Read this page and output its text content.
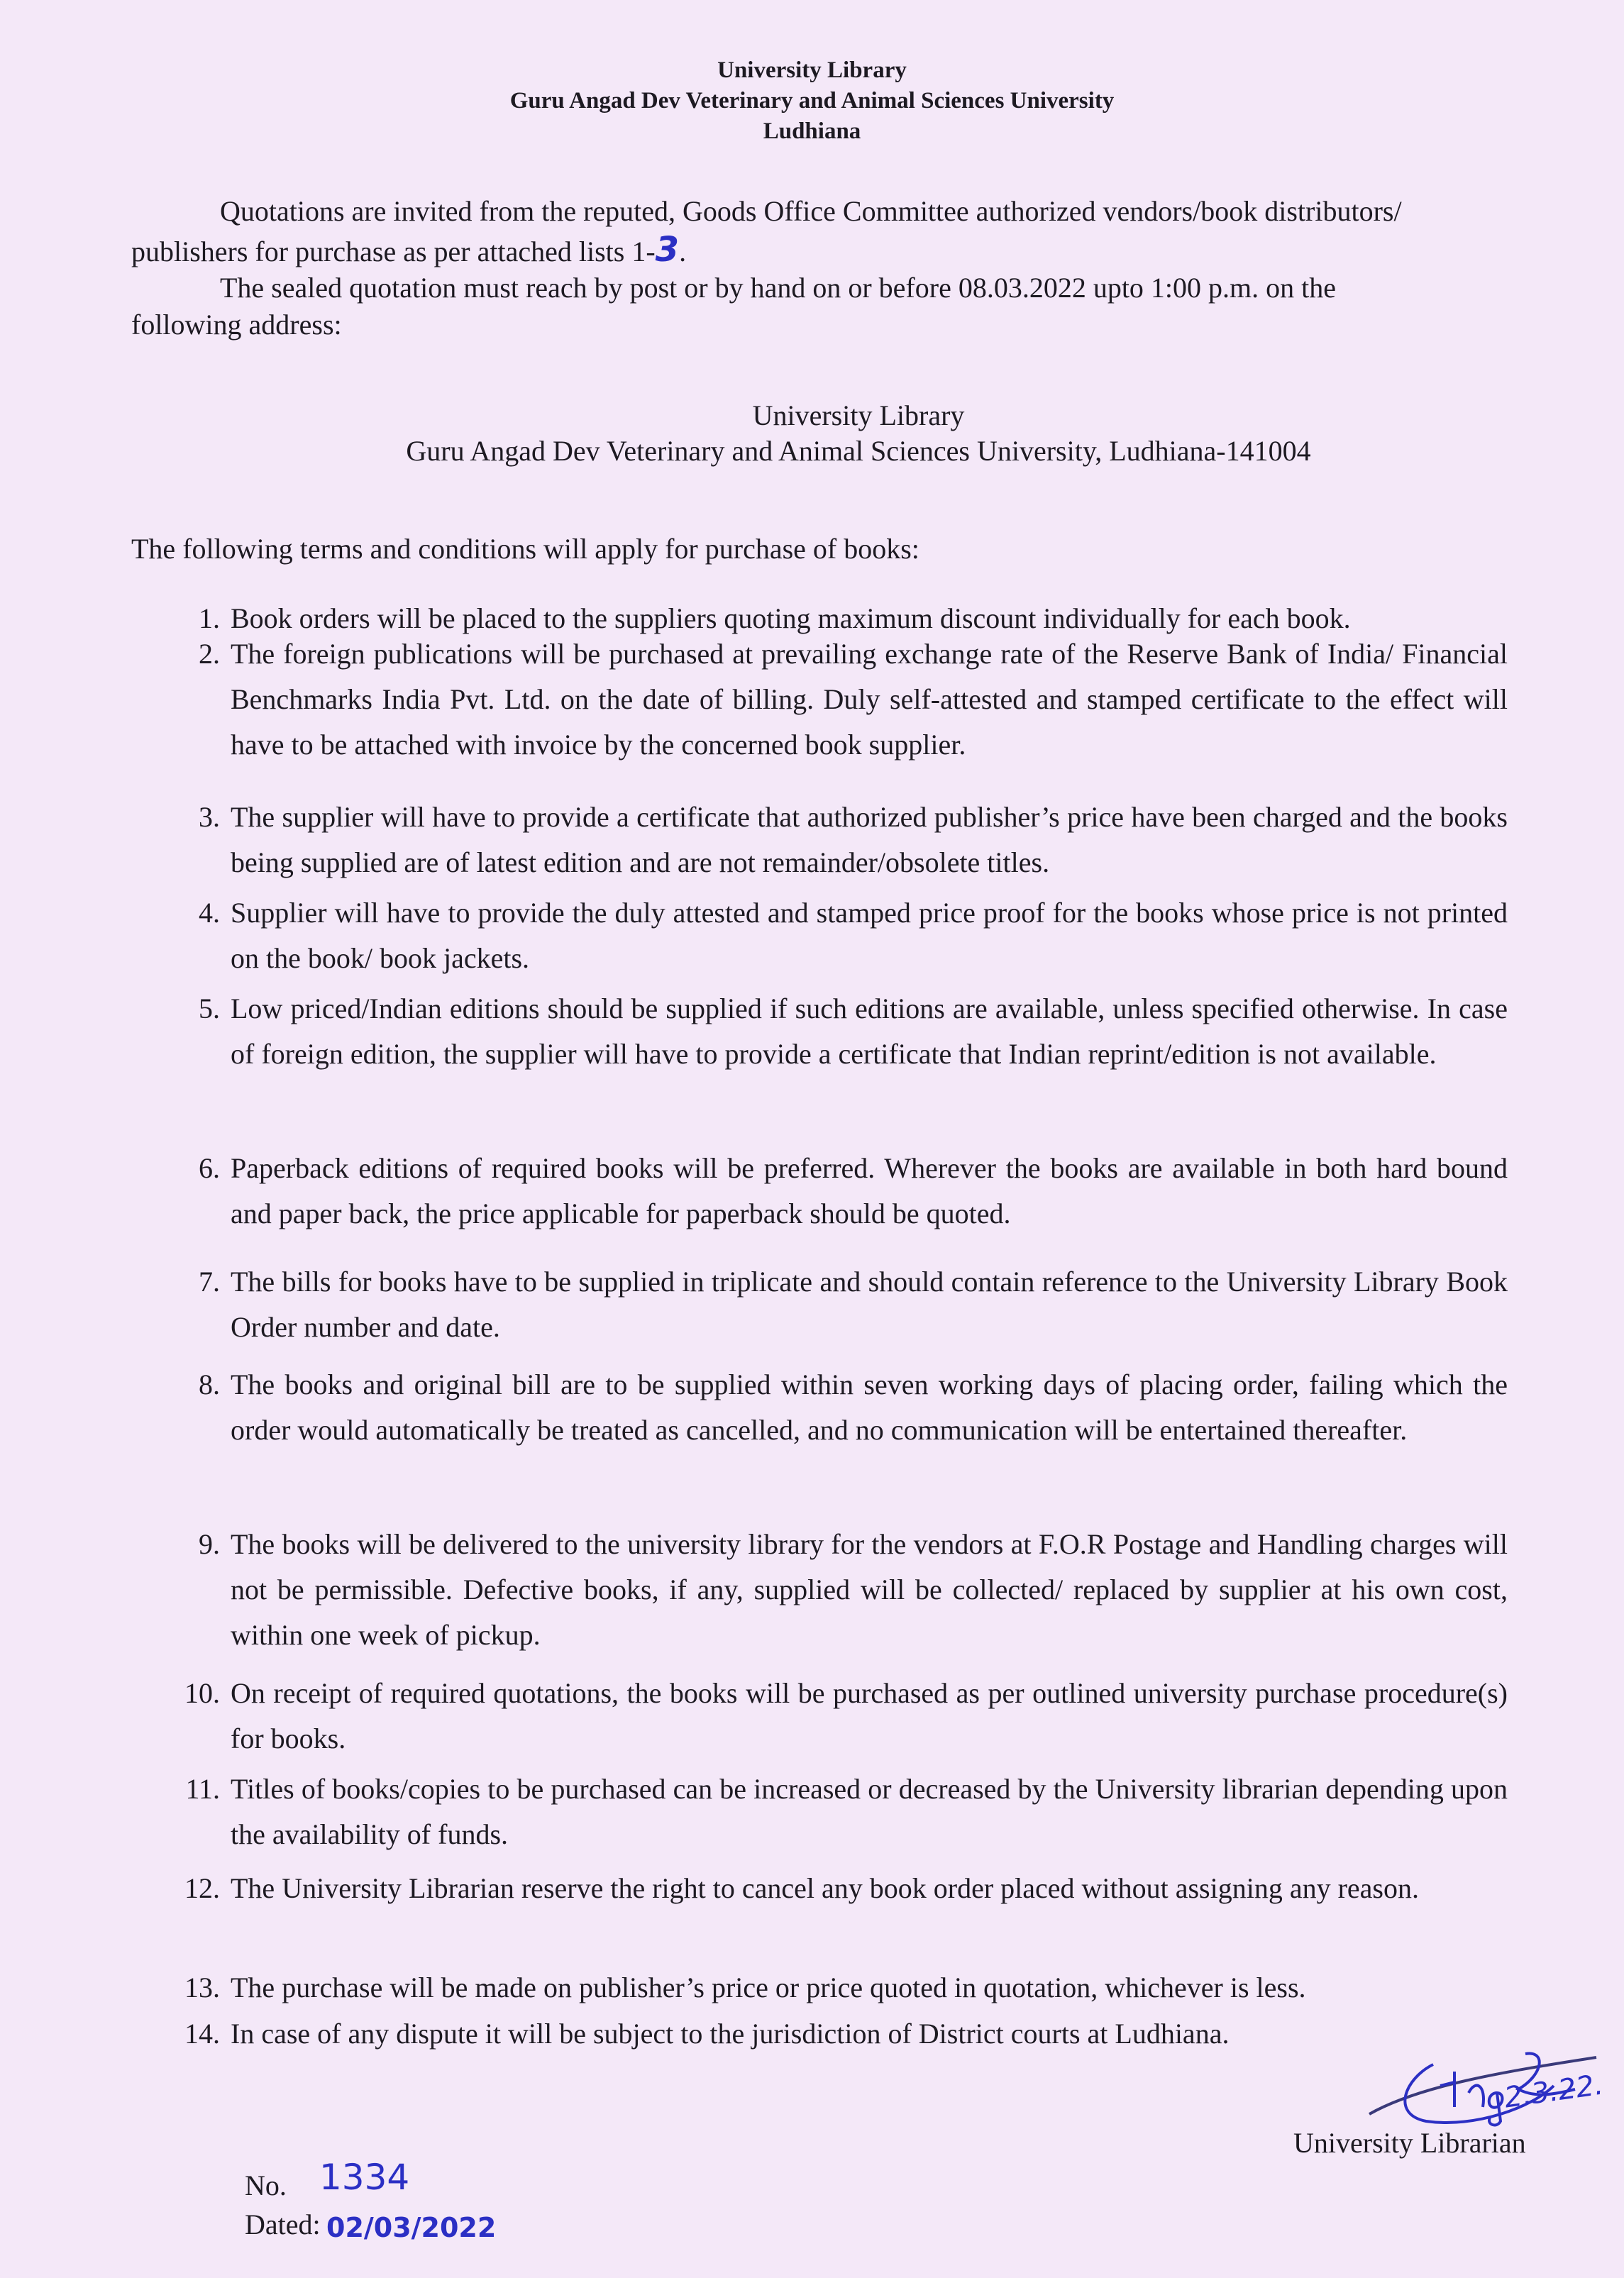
University Library
Guru Angad Dev Veterinary and Animal Sciences University
Ludhiana
Quotations are invited from the reputed, Goods Office Committee authorized vendors/book distributors/
publishers for purchase as per attached lists 1-3.
The sealed quotation must reach by post or by hand on or before 08.03.2022 upto 1:00 p.m. on the
following address:
University Library
Guru Angad Dev Veterinary and Animal Sciences University, Ludhiana-141004
The following terms and conditions will apply for purchase of books:
1. Book orders will be placed to the suppliers quoting maximum discount individually for each book.
2. The foreign publications will be purchased at prevailing exchange rate of the Reserve Bank of India/ Financial Benchmarks India Pvt. Ltd. on the date of billing. Duly self-attested and stamped certificate to the effect will have to be attached with invoice by the concerned book supplier.
3. The supplier will have to provide a certificate that authorized publisher’s price have been charged and the books being supplied are of latest edition and are not remainder/obsolete titles.
4. Supplier will have to provide the duly attested and stamped price proof for the books whose price is not printed on the book/ book jackets.
5. Low priced/Indian editions should be supplied if such editions are available, unless specified otherwise. In case of foreign edition, the supplier will have to provide a certificate that Indian reprint/edition is not available.
6. Paperback editions of required books will be preferred. Wherever the books are available in both hard bound and paper back, the price applicable for paperback should be quoted.
7. The bills for books have to be supplied in triplicate and should contain reference to the University Library Book Order number and date.
8. The books and original bill are to be supplied within seven working days of placing order, failing which the order would automatically be treated as cancelled, and no communication will be entertained thereafter.
9. The books will be delivered to the university library for the vendors at F.O.R Postage and Handling charges will not be permissible. Defective books, if any, supplied will be collected/ replaced by supplier at his own cost, within one week of pickup.
10. On receipt of required quotations, the books will be purchased as per outlined university purchase procedure(s) for books.
11. Titles of books/copies to be purchased can be increased or decreased by the University librarian depending upon the availability of funds.
12. The University Librarian reserve the right to cancel any book order placed without assigning any reason.
13. The purchase will be made on publisher’s price or price quoted in quotation, whichever is less.
14. In case of any dispute it will be subject to the jurisdiction of District courts at Ludhiana.
2.3.22.
University Librarian
No. 1334
Dated: 02/03/2022
